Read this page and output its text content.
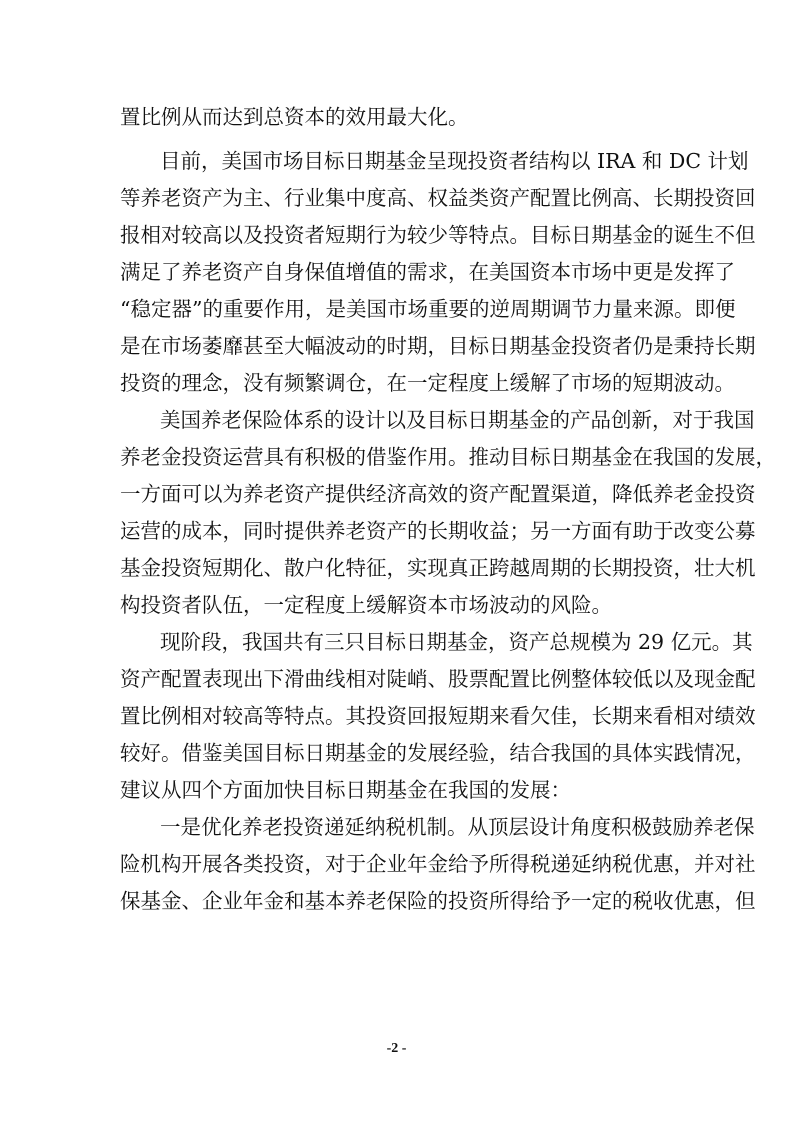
置比例从而达到总资本的效用最大化。
目前，美国市场目标日期基金呈现投资者结构以 IRA 和 DC 计划
等养老资产为主、行业集中度高、权益类资产配置比例高、长期投资回
报相对较高以及投资者短期行为较少等特点。目标日期基金的诞生不但
满足了养老资产自身保值增值的需求，在美国资本市场中更是发挥了
“稳定器”的重要作用，是美国市场重要的逆周期调节力量来源。即便
是在市场萎靡甚至大幅波动的时期，目标日期基金投资者仍是秉持长期
投资的理念，没有频繁调仓，在一定程度上缓解了市场的短期波动。
美国养老保险体系的设计以及目标日期基金的产品创新，对于我国
养老金投资运营具有积极的借鉴作用。推动目标日期基金在我国的发展，
一方面可以为养老资产提供经济高效的资产配置渠道，降低养老金投资
运营的成本，同时提供养老资产的长期收益；另一方面有助于改变公募
基金投资短期化、散户化特征，实现真正跨越周期的长期投资，壮大机
构投资者队伍，一定程度上缓解资本市场波动的风险。
现阶段，我国共有三只目标日期基金，资产总规模为 29 亿元。其
资产配置表现出下滑曲线相对陡峭、股票配置比例整体较低以及现金配
置比例相对较高等特点。其投资回报短期来看欠佳，长期来看相对绩效
较好。借鉴美国目标日期基金的发展经验，结合我国的具体实践情况，
建议从四个方面加快目标日期基金在我国的发展：
一是优化养老投资递延纳税机制。从顶层设计角度积极鼓励养老保
险机构开展各类投资，对于企业年金给予所得税递延纳税优惠，并对社
保基金、企业年金和基本养老保险的投资所得给予一定的税收优惠，但
-2 -
